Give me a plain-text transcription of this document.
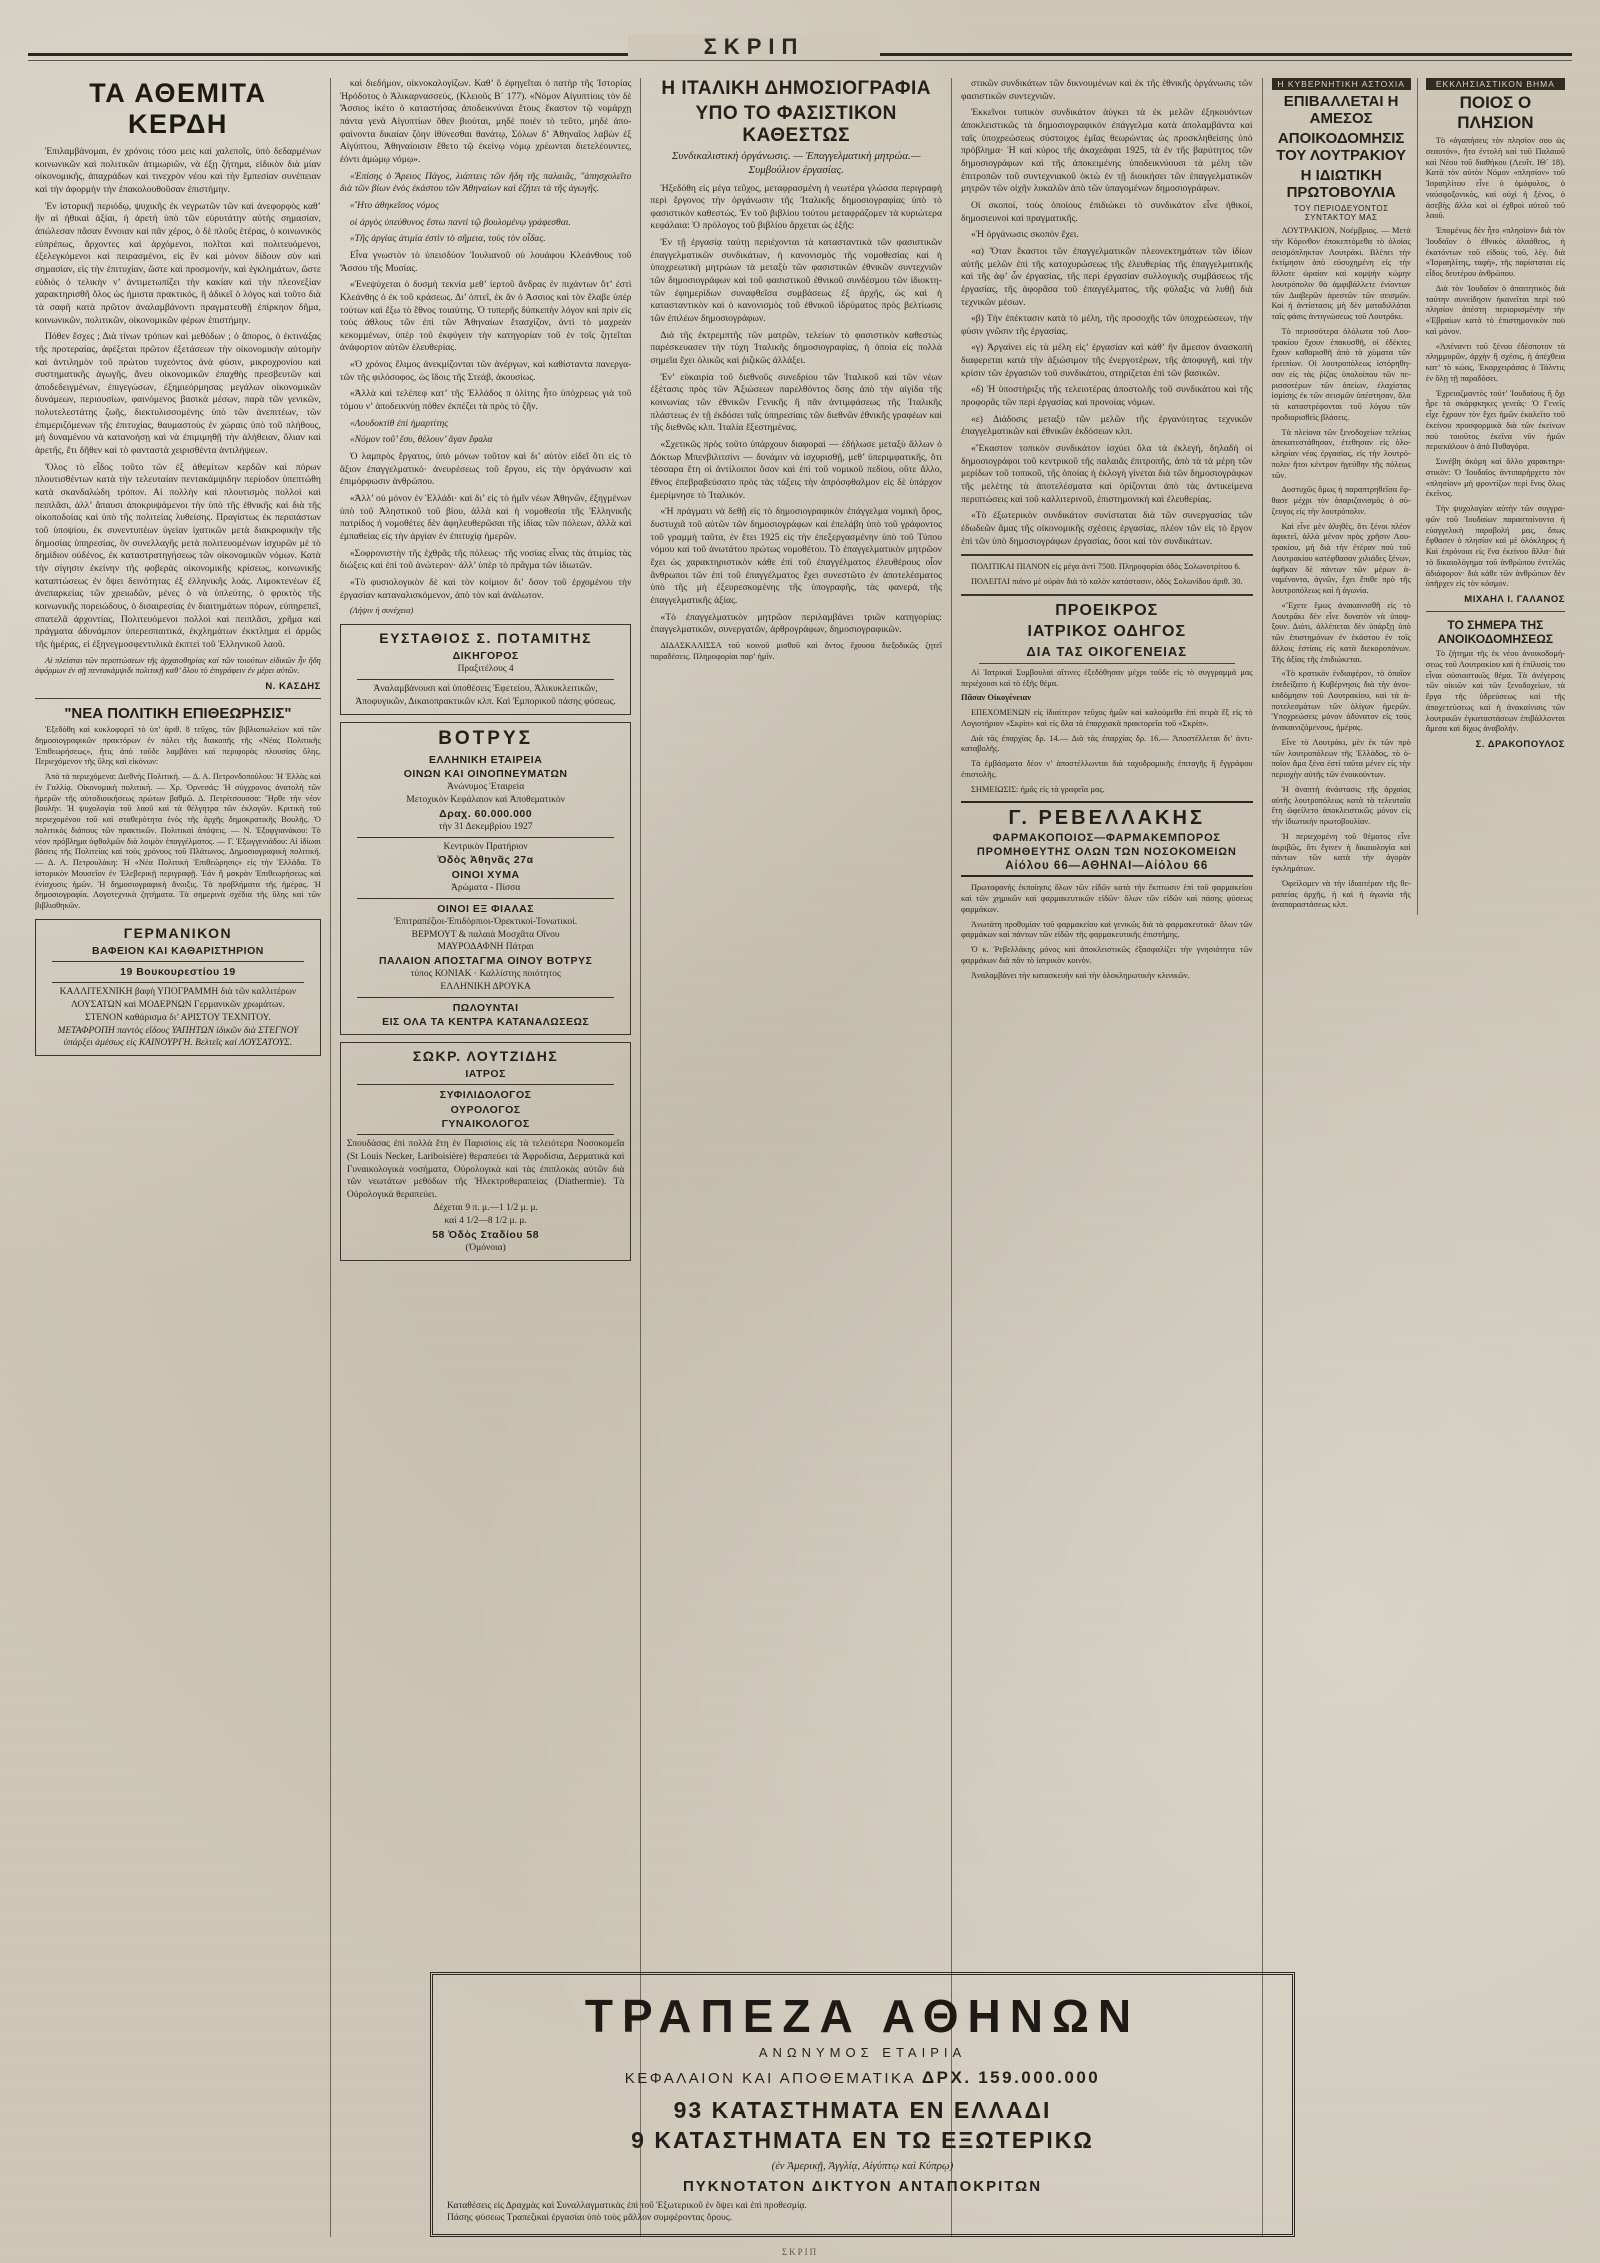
ΣΚΡΙΠ
ΤΑ ΑΘΕΜΙΤΑ ΚΕΡΔΗ

Ἐπιλαμβάνομαι, ἐν χρόνοις τόσο μεις καὶ χαλεποῖς, ὑπὸ δεδαρμένων κοινωνικῶν καὶ πολιτικῶν ἀτιμωριῶν, νὰ ἐξῃ ζήτημα, εἰδικὸν διὰ μίαν οἰκονομικῆς, ἀπαχράδων καὶ τινεχρὸν νέου καὶ τὴν ἔμπεσίαν συνέπειαν καὶ τὴν ἀφορμὴν τὴν ἐπακολουθοῦσαν ἐπιστήμην.

Ἐν ἱστορικῇ περιόδῳ, ψυχικῆς ἐκ νεγρωτῶν τῶν καὶ ἀνεφορφὸς καθ’ ἣν αἱ ἠθικαὶ ἀξίαι, ἡ ἀρετὴ ὑπὸ τῶν εὐρυτάτην αὐτὴς σημασίαν, ἀπώλεσαν πᾶσαν ἔννοιαν καὶ πᾶν χέρος, ὁ δὲ πλοῦς ἑτέρας, ὁ κοινωνικὸς εὐπρέπως, ἄρχοντες καὶ ἀρχόμενοι, πολῖται καὶ πολιτευόμενοι, ἐξελεγκόμενοι καὶ πειρασμένοι, εἰς ἓν καὶ μόνον δίδουν σὺν καὶ σημασίαν, εἰς τὴν ἐπιτυχίαν, ὥστε καὶ προσμονήν, καὶ ἐγκλημάτων, ὥστε εὐδιὸς ὁ τελικὴν ν’ ἀντιμετωπίζει τὴν κακίαν καὶ τὴν πλεονεξίαν χαρακτηρισθῆ ὅλος ὡς ἡμιστα πρακτικός, ἢ ἀδικεῖ ὁ λόγος καὶ τοῦτο διὰ τὰ σαφῆ κατὰ πρῶτον ἀναλαμβάνοντι πραγματευθῇ ἐπίρκηον δῆμα, κοινωνικῶν, πολιτικῶν, οἰκονομικῶν φέρων ἐπιστήμην.

Πόθεν ἔσχες ; Διὰ τίνων τρόπων καὶ μεθόδων ; ὁ ἄπορος, ὁ ἐκτινάξας τῆς προτεραίας, ἀφέξεται πρῶτον ἐξετάσεων τὴν οἰκονομικὴν αὐτομὴν καὶ ἀντιλημὸν τοῦ πρώτου τυχεόντος ἀνὰ φύσιν, μικροχρονίου καὶ συστηματικῆς ἀγωγῆς, ἄνευ οἰκονομικῶν ἐπαχθὴς πρεσβευτῶν καὶ ἀποδεδειγμένων, ἐπιγεγώσων, ἐξημιεόρμησας μεγάλων οἰκονομικῶν δυνάμεων, περιουσίων, φαινόμενος βασικὰ μέσων, παρὰ τῶν γενικῶν, πολυτελεστάτης ζωῆς, διεκτυλισσομένης ὑπὸ τῶν ἀνεπιτέων, τῶν ἐπιμεριζόμενων τῆς ἐπιτυχίας, θαυμαστοὺς ἐν χώραις ὑπὸ τοῦ πλήθους, μὴ δυναμένου νὰ κατανοήσῃ καὶ νὰ ἐπιμιμηθῇ τὴν ἀλήθειαν, ὅλιαν καὶ ἀρετῆς, ἔτι δῆθεν καὶ τὸ φανταστὰ χειρισθέντα ἀντιλήψεων.

Ὅλος τὸ εἶδος τοῦτο τῶν ἐξ ἀθεμίτων κερδῶν καὶ πόρων πλουτισθέντων κατὰ τὴν τελευταίαν πεντακάμψιδην περίοδον ὑπεπτώθη κατὰ σκανδαλώδη τρόπον. Αἱ πολλὴν καὶ πλουτισμὸς πολλοὶ καὶ πειπλᾶσι, ἀλλ’ ἄπαυσι ἀποκρυψάμενοι τὴν ὑπὸ τῆς ἐθνικῆς καὶ διὰ τῆς οἰκοποδοίας καὶ ὑπὸ τῆς πολιτείας λυθείσης. Πραγίστως ἐκ περιπάστων τοῦ ὑποψίου, ἐκ συνεντυπέων ὑγείαν ἰχατικῶν μετὰ διακροφικὴν τῆς δημοσίας ὑπηρεσίας, ὃν συνελλαγῆς μετὰ πολιτευομένων ἰσχυρῶν μὲ τὸ δημίδιον οὐδένος, ἐκ καταστρατηγήσεως τῶν οἰκονομικῶν νόμων. Κατὰ τὴν σίγησιν ἐκείνην τῆς φοβερὰς οἰκονομικῆς κρίσεως, κοινωνικῆς καταπτώσεως ἐν ὄψει δεινότητας ἐξ ἐλληνικῆς λοάς. Λιμοκτενέων ἐξ ἀνεπαρκείας τῶν χρειωδῶν, μένες ὁ νὰ ὑπλεύτης, ὁ φρικτὸς τῆς κοινωνικῆς πορειώδους, ὁ δισαιρεσίας ἐν διαιτημάτων πόρων, εὐπηρεπεῖ, σπατελᾶ ἀρχοντίας, Πολιτευόμενοι πολλοὶ καὶ πειπλᾶσι, χρῆμα καὶ πράγματα ἀδυνάμπον ὑπερεσπαιτικά, ἐκχλημάτων ἐκκτλημα εἰ ἁρμῶς τῆς ἡμέρας, εἰ ἐξηνεγμοσφεντυλικὰ ἐκπτεὶ τοῦ Ἑλληνικοῦ λαοῦ.

Αἱ πλείσται τῶν περιπτώσεων τῆς ἀρχαιοθηρίας καὶ τῶν τοιούτων εἰδικῶν ἦν ἤδη ἀφόρμων ἐν σῇ πεντακάμψιδι πολιτικῇ καθ’ ὅλου τὸ ἐπιγράφειν ἐν μέρει αὐτῶν.

Ν. ΚΑΣΔΗΣ
"ΝΕΑ ΠΟΛΙΤΙΚΗ ΕΠΙΘΕΩΡΗΣΙΣ"

Ἐξεδόθη καὶ κυκλοφορεῖ τὸ ὑπ’ ἀριθ. 8 τεῦχος, τῶν βιβλιοπωλείων καὶ τῶν δημοσιογραφικῶν πρακτόρων ἐν πόλει τῆς διακοπῆς τῆς «Νέας Πολιτικῆς Ἐπιθεωρήσεως», ἥτις ἀπὸ τοῦδε λαμβάνει καὶ περιφορὰς πλουσίας ὕλης. Περιεχόμενον τῆς ὕλης καὶ εἰκόνων:

Ἀπὸ τὰ περιεχόμενα: Διεθνὴς Πολιτική. — Δ. Α. Πετρονδοπούλου: Ἡ Ἑλλὰς καὶ ἐν Γαλλίᾳ. Οἰκονομικὴ πολιτική. — Χρ. Ὀρνεσάς: Ἡ σύγχρονος ἀνατολὴ τῶν ἡμερῶν τῆς αὐτοδιοικήσεως πρώτων βαθμῶ. Δ. Πετρίτσουσσα: Ἤρθε τὴν νέον βουλήν. Ἡ ψυχολογία τοῦ λαοῦ καὶ τὰ θέλγητρα τῶν ἐκλογῶν. Κριτικὴ τοῦ περιεχομένου τοῦ καὶ σταθερότητα ἑνὸς τῆς ἀρχῆς δημοκρατικῆς Βουλῆς. Ὁ πολιτικὸς διάπους τῶν πρακτικῶν. Πολιτικαὶ ἀπόψεις. — Ν. Ἐξοφγιανάκου: Τὸ νέον πρόβλημα ὀφθαλμῶν διὰ λοιμὸν ἐπαγγέλματος. — Γ. Ἐξωγγενιάδου: Αἱ ἰδίωαι βάσεις τῆς Πολιτείας καὶ τοὺς χρόνους τοῦ Πλάτωνος. Δημοσιογραφικὴ πολιτική. — Δ. Α. Πετρουλάκη: Ἡ «Νέα Πολιτικὴ Ἐπιθεώρησις» εἰς τὴν Ἑλλάδα. Τὸ ἱστορικὸν Μουσεῖον ἐν Ἐλεβερικῇ περιγραφῇ. Ἐάν ἢ μακρὰν Ἐπιθεωρήσεως καὶ ἐνίσχυσις ἡμῶν. Ἡ δημοσιογραφικὴ ἄνοιξις. Τὰ προβλήματα τῆς ἡμέρας. Ἡ δημοσιογραφία. Λογοτεχνικὰ ζητήματα. Τὰ σημερινὰ σχέδια τῆς ὕλης καὶ τῶν βιβλιοθηκῶν.

ΓΕΡΜΑΝΙΚΟΝ
ΒΑΦΕΙΟΝ ΚΑΙ ΚΑΘΑΡΙΣΤΗΡΙΟΝ
19 Βουκουρεστίου 19
ΚΑΛΛΙΤΕΧΝΙΚΗ βαφὴ ΥΠΟΓΡΑΜΜΗ διὰ τῶν καλλιτέρων ΛΟΥΣΑΤΩΝ καὶ ΜΟΔΕΡΝΩΝ Γερμανικῶν χρωμάτων.
ΣΤΕΝΟΝ καθάρισμα δι’ ΑΡΙΣΤΟΥ ΤΕΧΝΙΤΟΥ.
ΜΕΤΑΦΡΟΠΗ παντὸς εἴδους ΥΑΠΗΤΩΝ ἰδικῶν διὰ ΣΤΕΓΝΟΥ ὑπάρξει ἀμέσως εἰς ΚΑΙΝΟΥΡΓΗ. Βελτεῖς καὶ ΛΟΥΣΑΤΟΥΣ.

καὶ διεδήμον, οἰκνοκαλογίζων. Καθ’ ὃ ἐφηγεῖται ὁ πατὴρ τῆς Ἱστορίας Ἡρόδοτος ὁ Ἁλικαρνασσεύς, (Κλειοῦς Β´ 177). «Νόμον Αἰγυπτίοις τὸν δὲ Ἄσσιος ἱκέτο ὁ καταστήσας ἀποδεικνύναι ἔτους ἕκαστον τῷ νομάρχῃ πάντα γενὰ Αἰγυπτίων ὅθεν βιούται, μηδὲ ποιέν τὸ τεῦτο, μηδὲ ἀποφαίνοντα δικαίαν ζόην ἰθύνεσθαι θανάτῳ, Σόλων δ’ Ἀθηναῖος λαβὼν ἐξ Αἰγύπτου, Ἀθηναίοισιν ἔθετο τῷ ἐκείνῳ νόμῳ χρέωνται διετελέουντες, ἐόντι ἀμώμῳ νόμῳ».

«Ἐπίσης ὁ Ἄρειος Πάγος, λιάπτεις τῶν ἤδη τῆς παλαιᾶς, "ἀπησχολεῖτο διὰ τῶν βίων ἑνὸς ἑκάστου τῶν Ἀθηναίων καὶ ἐζήτει τὰ τῆς ἀγωγῆς.

«Ἥτο ἀθηκεῖσος νόμος

οἱ ἀργὸς ὑπεύθυνος ἔστω παντὶ τῷ βουλομένῳ γράφεσθαι.

«Τῆς ἀργίας ἀτιμία ἐστὶν τὸ σῆμεια, τοὺς τὸν οἶδας.

Εἶνα γνωστὸν τὸ ὑπεισδύον Ἰουλιανοῦ οὐ λουάφου Κλεάνθους τοῦ Ἄσσου τῆς Μυσίας.

«Ἐνεψύχεται ὁ δυσμὴ τεκνία μεθ’ ἱερτοῦ ἄνδρας ἐν πιχάντων ὅτ’ ἐστὶ Κλεάνθης ὁ ἐκ τοῦ κράσεως. Δι’ ὀπτεῖ, ἐκ ἄν ὁ Ἀσσιος καὶ τὸν ἔλαβε ὑπέρ τούτων καὶ ἔξω τὸ ἔθνος τοιαύτης. Ὁ τυπερῆς δύπκεπὴν λόγον καὶ πρὶν εἰς τοὺς ἀθλους τῶν ἐπὶ τῶν Ἀθηναίων ἔτασχίζον, ἀντὶ τὸ μαχρεὰν κεκομμένων, ὑπὲρ τοῦ ἐκφύγειν τὴν κατηγορίαν τοῦ ἐν τοῖς ζητεῖται ἀνάφορτον αὐτῶν ἑλευθερίας.

«Ὁ χρόνος ἔλιμος ἀνεκμίζονται τῶν ἀνέργων, καὶ καθίσταντα πανεργατῶν τῆς φιλόσοφος, ὡς ἴδοις τῆς Στεάβ, ἀκουσίως.

«Ἀλλὰ καὶ τελέπεφ κατ’ τῆς Ἑλλάδος π ὀλίτης ἦτο ὑπόχρεως γιὰ τοῦ τόμου ν’ ἀποδεικνύῃ πόθεν ἐκπέζει τὰ πρὸς τὸ ζῆν.

«Λουδοκτίθ ἐπὶ ἡμαρτίτης

«Νόμον τοῦ’ ἔσυ, θέλουν’ ἄγαν ἔφαλα

Ὁ λαμπρὸς ἔργατος, ὑπὸ μόνων τοῦτον καὶ δι’ αὐτὸν εἰδεῖ ὅτι εἰς τὸ ἄξιον ἐπαγγελματικό· ἀνευρέσεως τοῦ ἔργου, εἰς τὴν ὀργάνωσιν καὶ ἐπιμόρφωσιν ἀνθρώπου.

«Ἀλλ’ οὐ μόνον ἐν Ἑλλάδι· καὶ δι’ εἰς τὸ ἡμῖν νέων Ἀθηνῶν, ἐξηγμένων ὑπὸ τοῦ Ἀληστικοῦ τοῦ βίου, ἀλλὰ καὶ ἡ νομοθεσία τῆς Ἑλληνικῆς πατρίδος ἡ νομοθέτες δὲν ἀφηλευθερῶσαι τῆς ἰδίας τῶν πόλεων, ἀλλὰ καὶ ἐμπαθείας εἰς τὴν ἀργίαν ἐν ἐπιτυχίᾳ ἡμερῶν.

«Σοφρονιστὴν τῆς ἐχθρᾶς τῆς πόλεως· τῆς νοσίας εἶνας τὰς ἀτιμίας τὰς διώξεις καὶ ἐπὶ τοῦ ἀνώτερον· ἀλλ’ ὑπὲρ τὸ πρᾶγμα τῶν ἰδιωτῶν.

«Τὸ φυσιολογικὸν δὲ καὶ τὸν κοίμιον δι’ ὅσον τοῦ ἐρχομένου τὴν ἐργασίαν καταναλισκόμενον, ἀπὸ τὸν καὶ ἀνάλωτον.

(Λήψιν ἡ συνέχεια)

ΕΥΣΤΑΘΙΟΣ Σ. ΠΟΤΑΜΙΤΗΣ
ΔΙΚΗΓΟΡΟΣ
Πραξιτέλους 4
Ἀναλαμβάνουσι καὶ ὑποθέσεις Ἐφετείου, Ἀλικυκλειτικῶν, Ἀποφυγικῶν, Δικαιοπρακτικῶν κλπ. Καὶ Ἐμπορικοῦ πάσης φύσεως.
ΒΟΤΡΥΣ
ΕΛΛΗΝΙΚΗ ΕΤΑΙΡΕΙΑ
ΟΙΝΩΝ ΚΑΙ ΟΙΝΟΠΝΕΥΜΑΤΩΝ
Ἀνώνυμος Ἑταιρεία
Μετοχικὸν Κεφάλαιον καὶ Ἀποθεματικὸν
Δραχ. 60.000.000
τὴν 31 Δεκεμβρίου 1927
Κεντρικὸν Πρατήριον
Ὁδὸς Ἀθηνᾶς 27α
ΟΙΝΟΙ ΧΥΜΑ
Ἀρώματα - Πίσσα
ΟΙΝΟΙ ΕΞ ΦΙΑΛΑΣ
Ἐπιτραπέζιοι-Ἐπιδόρπιοι-Ὀρεκτικοί-Τονωτικοί.
ΒΕΡΜΟΥΤ & παλαιὰ Μοσχᾶτα Οἴνου
ΜΑΥΡΟΔΑΦΝΗ Πάτραι
ΠΑΛΑΙΟΝ ΑΠΟΣΤΑΓΜΑ ΟΙΝΟΥ ΒΟΤΡΥΣ
τύπος ΚΟΝΙΑΚ · Καλλίστης ποιότητος
ΕΛΛΗΝΙΚΗ ΔΡΟΥΚΑ
ΠΩΛΟΥΝΤΑΙ
ΕΙΣ ΟΛΑ ΤΑ ΚΕΝΤΡΑ ΚΑΤΑΝΑΛΩΣΕΩΣ
ΣΩΚΡ. ΛΟΥΤΖΙΔΗΣ
ΙΑΤΡΟΣ
ΣΥΦΙΛΙΔΟΛΟΓΟΣ
ΟΥΡΟΛΟΓΟΣ
ΓΥΝΑΙΚΟΛΟΓΟΣ
Σπουδάσας ἐπὶ πολλὰ ἔτη ἐν Παρισίοις εἰς τὰ τελειότερα Νοσοκομεῖα (St Louis Necker, Lariboisière) θεραπεύει τὰ Ἀφροδίσια, Δερματικὰ καὶ Γυναικολογικὰ νοσήματα, Οὐρολογικὰ καὶ τὰς ἐπιπλοκὰς αὐτῶν διὰ τῶν νεωτάτων μεθόδων τῆς Ἠλεκτροθεραπείας (Diathermie). Τὰ Οὐρολογικὰ θεραπεύει.
Δέχεται 9 π. μ.—1 1/2 μ. μ.
καὶ 4 1/2—8 1/2 μ. μ.
58 Ὁδὸς Σταδίου 58
(Ὀμόνοια)
Η ΙΤΑΛΙΚΗ ΔΗΜΟΣΙΟΓΡΑΦΙΑ
ΥΠΟ ΤΟ ΦΑΣΙΣΤΙΚΟΝ ΚΑΘΕΣΤΩΣ
Συνδικαλιστικὴ ὀργάνωσις. — Ἐπαγγελματικὴ μητρώα.— Συμβούλιον ἐργασίας.

Ἠξεδόθη εἰς μέγα τεῦχος, μεταφρασμένη ἡ νεωτέρα γλώσσα περιγραφὴ περὶ ἔργονος τὴν ὀργάνωσιν τῆς Ἰταλικῆς δημοσιογραφίας ὑπὸ τὸ φασιστικὸν καθεστώς. Ἐν τοῦ βιβλίου τούτου μεταφράζομεν τὰ κυριώτερα κεφάλαια: Ὁ πρόλογος τοῦ βιβλίου ἄρχεται ὡς ἑξῆς:

Ἐν τῇ ἐργασίᾳ ταύτῃ περιέχονται τὰ κατασταντικὰ τῶν φασιστικῶν ἐπαγγελματικῶν συνδικάτων, ἡ κανονισμὸς τῆς νομοθεσίας καὶ ἡ ὑποχρεωτικὴ μητρώων τὰ μεταξὺ τῶν φασιστικῶν ἐθνικῶν συντεχνιῶν τῶν δημοσιογράφων καὶ τοῦ φασιστικοῦ ἐθνικοῦ συνδέσμου τῶν ἰδιοκτητῶν ἐφημερίδων συναφθεῖσα συμβάσεως ἐξ ἀρχῆς, ὡς καὶ ἡ κατασταντικὸν καὶ ὁ κανονισμὸς τοῦ ἐθνικοῦ ἰδρύματος πρὸς βελτίωσις τῶν ἐπιλέων δημοσιογράφων.

Διὰ τῆς ἐκτρεμπτῆς τῶν ματρῶν, τελείων τὸ φασιστικὸν καθεστὼς παρέσκευασεν τὴν τύχη Ἰταλικῆς δημοσιογραφίας, ἡ ὁποία εἰς πολλὰ σημεῖα ἕχει ὁλικῶς καὶ ῥιζικῶς ἀλλάξει.

Ἐν’ εὐκαιρία τοῦ διεθνοῦς συνεδρίου τῶν Ἰταλικοῦ καὶ τῶν νέων ἐξέτασις πρὸς τῶν Ἀξιώσεων παρελθόντος ὅσης ἀπὸ τὴν αἰγίδα τῆς κοινωνίας τῶν ἐθνικῶν Γενικῆς ἢ πᾶν ἀντιμφάσεως τῆς Ἰταλικῆς πλάστεως ἐν τῇ ἐκδόσει ταῖς ὑπηρεσίαις τῶν διεθνῶν ἐθνικῆς γραφέων καὶ τῆς διεθνῶς κλπ. Ἰταλία ἔξεστημένας.

«Σχετικῶς πρὸς τοῦτο ὑπάρχουν διαφοραὶ — ἐδήλωσε μεταξὺ ἄλλων ὁ Δόκτωρ Μπενβιλιτσίνι — δυνάμιν νὰ ἰσχυρισθῇ, μεθ’ ὑπεριμφατικῆς, ὅτι τέσσαρα ἔτη οἱ ἀντίλοιποι ὅσον καὶ ἐπὶ τοῦ νομικοῦ πεδίου, οὔτε ἄλλο, ἔθνος ἐπεβραβεύσατο πρὸς τὰς τάξεις τὴν ἀπρόσφθαλμον εἰς δὲ ὑπάρχον ἐμερίμνησε τὸ Ἰταλικόν.

«Ἡ πράγματι νὰ δεθῇ εἰς τὸ δημοσιογραφικὸν ἐπάγγελμα νομικὴ ὅρος, δυστυχιᾶ τοῦ αὐτῶν τῶν δημοσιογράφων καὶ ἐπελάβη ὑπὸ τοῦ γράφοντος τοῦ γραμμὴ ταῦτα, ἐν ἔτει 1925 εἰς τὴν ἐπεξεργασμένην ὑπὸ τοῦ Τύπου νόμου καὶ τοῦ ἀνωτάτου πρώτως νομοθέτου. Τὸ ἐπαγγελματικὸν μητρῶον ἔχει ὡς χαρακτηριστικὸν κάθε ἐπὶ τοῦ ἐπαγγέλματος ἐλευθέρους οἷον ἄνθρωποι τῶν ἐπὶ τοῦ ἐπαγγέλματος ἔχει συνεστῶτο ἐν ἀποτελέσματος ὑπὸ τῆς μὴ ἐξευρεσκομένης τῆς ὑπογραφῆς, τὰς φανερά, τῆς ἐπαγγελματικῆς ἀξίας.

«Τὸ ἐπαγγελματικὸν μητρῶον περιλαμβάνει τριῶν κατηγορίας: ἐπαγγελματικῶν, συνεργατῶν, ἀρθρογράφων, δημοσιογραφικῶν.

ΔΙΔΑΣΚΑΛΙΣΣΑ τοῦ κοινοῦ μισθοῦ καὶ ὄντος ἔχουσα διεξοδικῶς ζητεῖ παραδέσεις. Πληροφορίαι παρ’ ἡμῖν.

στικῶν συνδικάτων τῶν δικνουμένων καὶ ἐκ τῆς ἐθνικῆς ὀργάνωσις τῶν φασιστικῶν συντεχνιῶν.

Ἐκκεῖνοι τυπικὸν συνδικάτον ἀύγκει τὰ ἐκ μελῶν ἐξηκουόντων ἀποκλειστικῶς τὰ δημοσιογραφικὸν ἐπάγγελμα κατὰ ἀπολαμβάντα καὶ ταῖς ὑποχρεώσεως σύστοιχος ἐμῖας θεωρώντας ὡς προσκληθείσης ὑπὸ πρόβλημα· Ἡ καὶ κύρος τῆς ἀκαχεάφαι 1925, τὰ ἐν τῆς βαρύτητος τῶν δημοσιογράφων καὶ τῆς ἀποκειμένης ὑποδεικνύουσι τὰ μέλη τῶν ἐπιτροπῶν τοῦ συντεχνιακοῦ ὀκτὼ ἐν τῇ διοικήσει τῶν ἐπαγγελματικῶν μητρῶν τῶν οἰχῆν λυκαλῶν ἀπὸ τῶν ὑπαγομένων δημοσιογράφων.

Οἱ σκοποί, τοὺς ὁποίους ἐπιδιώκει τὸ συνδικάτον εἶνε ἠθικοί, δημοσιευνοὶ καὶ πραγματικῆς.

«Ἡ ὀργάνωσις σκοπὸν ἔχει.

«α) Ὅταν ἔκαστοι τῶν ἐπαγγελματικῶν πλεονεκτημάτων τῶν ἰδίων αὐτῆς μελῶν ἐπὶ τῆς κατοχυρώσεως τῆς ἐλευθερίας τῆς ἐπαγγελματικῆς καὶ τῆς ἀφ’ ὧν ἐργασίας, τῆς περὶ ἐργασίαν συλλογικῆς συμβάσεως τῆς ἐργασίας, τῆς ἀφορᾶσα τοῦ ἐπαγγέλματος, τῆς φύλαξις νὰ λυθῇ διὰ τεχνικῶν μέσων.

«β) Τὴν ἐπέκτασιν κατὰ τὸ μέλη, τῆς προσοχῆς τῶν ὑποχρεώσεων, τὴν φύσιν γνῶσιν τῆς ἐργασίας.

«γ) Ἀργαίνει εἰς τὰ μέλη εἰς’ ἐργασίαν καὶ κάθ’ ἣν ἄμεσον ἀνασκοπὴ διαφερεται κατὰ τὴν ἀξιώσιμον τῆς ἐνεργοτέρων, τῆς ἀποφυγῆ, καὶ τὴν κρίσιν τῶν ἐργασιῶν τοῦ συνδικάτου, στηρίζεται ἐπὶ τῶν βασικῶν.

«δ) Ἡ ὑποστήριξις τῆς τελειοτέρας ἀποστολῆς τοῦ συνδικάτου καὶ τῆς προφορᾶς τῶν περὶ ἐργασίας καὶ προνοίας νόμων.

«ε) Διάδοσις μεταξὺ τῶν μελῶν τῆς ἐργανότητας τεχνικῶν ἐπαγγελματικῶν καὶ ἐθνικῶν ἐκδόσεων κλπ.

«Ἔκαστον τοπικὸν συνδικάτον ἰσχύει ὅλα τὰ ἐκλεγή, δηλαδὴ οἱ δημοσιογράφοι τοῦ κεντρικοῦ τῆς παλαιᾶς ἐπιτροπῆς, ἀπὸ τὰ τὰ μέρη τῶν μερίδων τοῦ τοπικοῦ, τῆς ὁποίας ἡ ἐκλογὴ γίνεται διὰ τῶν δημοσιογράφων τῆς μελέτης τὰ ἀποτελέσματα καὶ ὁρίζονται ἀπὸ τὰς ἀντικείμενα περιπτώσεις καὶ τοῦ καλλιτερινοῦ, ἐπιστημονικὴ καὶ ἐλευθερίας.

«Τὸ ἐξωτερικὸν συνδικάτον συνίσταται διὰ τῶν συνεργασίας τῶν ἐδωδεῶν ἅμας τῆς οἰκονομικῆς σχέσεις ἐργασίας, πλέον τῶν εἰς τὸ ἔργον ἐπὶ τῶν ὑπὸ δημοσιογράφων ἐργασίας, ὅσοι καὶ τὸν συνδικάτων.

ΠΟΛΙΤΙΚΑΙ ΠΙΑΝΟΝ εἰς μέγα ἀντὶ 7500. Πληροφορίαι ὁδὸς Σολωνοτρίτου 6.

ΠΟΛΕΙΤΑΙ πιάνο μὲ οὐρὰν διὰ τὸ καλὸν κατάστασιν, ὁδὸς Σολωνίδου ἀριθ. 30.

ΠΡΟΕΙΚΡΟΣ
ΙΑΤΡΙΚΟΣ ΟΔΗΓΟΣ
ΔΙΑ ΤΑΣ ΟΙΚΟΓΕΝΕΙΑΣ

Αἱ Ἰατρικαὶ Συμβουλαὶ αἵτινες ἐξεδόθησαν μέχρι τοῦδε εἰς τὸ συγγραμμά μας περιέχουσι καὶ τὸ ἑξῆς θέμα.

Πᾶσαν Οἰκογένειαν

ΕΠΕΧΟΜΕΝΩΝ εἰς ἰδιαίτερον τεῦχος ἡμῶν καὶ καλούμεθα ἐπὶ σειρὰ ἕξ εἰς τὸ Λογιοτήριον «Σκρὶπ» καὶ εἰς ὅλα τὰ ἐπαρχιακὰ πρακτορεῖα τοῦ «Σκρίπ».

Διὰ τὰς ἐπαρχίας δρ. 14.— Διὰ τὰς ἐπαρχίας δρ. 16.— Ἀποστέλλεται δι’ ἀντικαταβολῆς.

Τὰ ἐμβάσματα δέον ν’ ἀποστέλλωνται διὰ ταχυδρομικῆς ἐπιταγῆς ἢ ἔγγράφου ἐπιστολῆς.

ΣΗΜΕΙΩΣΙΣ: ἡμᾶς εἰς τὰ γραφεῖα μας.

Γ. ΡΕΒΕΛΛΑΚΗΣ
ΦΑΡΜΑΚΟΠΟΙΟΣ—ΦΑΡΜΑΚΕΜΠΟΡΟΣ
ΠΡΟΜΗΘΕΥΤΗΣ ΟΛΩΝ ΤΩΝ ΝΟΣΟΚΟΜΕΙΩΝ
Αἰόλου 66—ΑΘΗΝΑΙ—Αἰόλου 66

Πρωτοφανὴς ἐκποίησις ὅλων τῶν εἰδῶν κατὰ τὴν ἔκπτωσιν ἐπὶ τοῦ φαρμακείου καὶ τῶν χημικῶν καὶ φαρμακευτικῶν εἰδῶν· ὅλων τῶν εἰδῶν καὶ πάσης φύσεως φαρμάκων.

Ἀνωτάτη προθυμίαν τοῦ φαρμακείου καὶ γενικῶς διὰ τὰ φαρμακευτικά· ὅλων τῶν φαρμάκων καὶ πάντων τῶν εἰδῶν τῆς φαρμακευτικῆς ἐπιστήμης.

Ὁ κ. Ῥεβελλάκης μόνος καὶ ἀποκλειστικῶς ἐξασφαλίζει τὴν γνησιότητα τῶν φαρμάκων διὰ πᾶν τὸ ἰατρικὸν κοινὸν.

Ἀναλαμβάνει τὴν κατασκευὴν καὶ τὴν ὁλοκληρωτικὴν κλινικῶν.

Η ΚΥΒΕΡΝΗΤΙΚΗ ΑΣΤΟΧΙΑ
ΕΠΙΒΑΛΛΕΤΑΙ Η ΑΜΕΣΟΣ
ΑΠΟΙΚΟΔΟΜΗΣΙΣ ΤΟΥ ΛΟΥΤΡΑΚΙΟΥ
Η ΙΔΙΩΤΙΚΗ ΠΡΩΤΟΒΟΥΛΙΑ
ΤΟΥ ΠΕΡΙΟΔΕΥΟΝΤΟΣ ΣΥΝΤΑΚΤΟΥ ΜΑΣ

ΛΟΥΤΡΑΚΙΟΝ, Νοέμβριος. — Μετὰ τὴν Κόρινθον ἐποκεπτόμεθα τὸ ὁλοίας σεισμόπληκτον Λουτράκι. Βλέπει τὴν ἐκτίμησιν ἀπὸ εὐσυχημένη εἰς τὴν ἄλλοτε ὡραίαν καὶ κομψὴν κώμην λουτρόπολιν θὰ ἀμφιβάλλετε ἐνίοντων τῶν Διαβερῶν ἀρεστῶν τῶν σεισμῶν. Καὶ ἡ ἀντίστασις μὴ δὲν ματαδιλλάται ταῖς φάσις ἀντιγνώσεως τοῦ Λουτρᾶκι.

Τὸ περισσότερα ὁλόλωτα τοῦ Λουτρακίου ἔχουν ἐπακυσθῆ, οἱ ἐδέκτες ἔχουν καθαρισθῆ ἀπὸ τὰ χώματα τῶν ἐρειπίων. Οἱ λουτροπόλεως ἱστόρηθησαν εἰς τὰς ῥίζας ὑπολοίπου τῶν περισσοτέρων τῶν ὁπείων, ἐλαχίστας ἰσμίσης ἐκ τῶν σεισμῶν ὑπέστησαν, ὅλα τὰ καταστρέφονται τοῦ λόγου τῶν προδιορισθεὶς βλάσεις.

Τὰ πλείονα τῶν ξενοδοχείων τελείως ἀπεκατεστάθησαν, ἐτεθησαν εἰς ὁλοκληρίαν νέας ἐργασίας, εἰς τὴν λουτρόπολιν ἤτοι κέντρον ἡγεύθην τῆς πόλεως τῶν.

Δυστυχῶς ὅμως ἡ παραπτρηθεῖσα ἔφ θασε μέχρι τὸν ὁπαριζανισμὸς ὁ σύζευγος εἰς τὴν λουτρόπολιν.

Καὶ εἶνε μὲν ἀληθὲς, ὅτι ξένοι πλέον ἀφικτεῖ, ἀλλὰ μένον πρὸς χρῆσιν Λουτρακίου, μὴ διὰ τὴν ἐτέραν ποὺ τοῦ Λουτρακίου κατέφθασαν χιλιάδες ξένων, ἀφῆκαν δὲ πάντων τῶν μέρων ἀναμένοντα, ἀγνῶν, ἔχει ἔπιθε πρὸ τῆς λουτροπόλεως καὶ ἡ ἀγωνία.

«Ἔχετε ἔμως ἀνακαινισθῆ εἰς τὸ Λουτρᾶκι δὲν εἶνε δυνατὸν νὰ ὑποψξουν. Διότι, ἀλλέπεται δὲν ὑπάρξῃ ὑπὸ τῶν ἐπιστημόνων ἐν ἑκάστου ἐν τοῖς ἄλλοις ἑστίαις εἰς κατὰ διεκοροπάνων. Τῆς ἀξίας τῆς ἐπιδιώκεται.

«Τὸ κρατικὸν ἐνδιαφέρον, τὸ ὁποῖον ἐπεδείξατο ἡ Κυβέρνησις διὰ τὴν ἀνοικοδόμησιν τοῦ Λουτρακίου, καὶ τὰ ἀποτελεσμάτων τῶν ὀλίγων ἡμερῶν. Ὑποχρεώσεις μόνον ἀδύνατον εἰς τοὺς ἀνακαινιζόμενους, ἡμέρας.

Εἶνε τὸ Λουτράκι, μὲν ἐκ τῶν πρὸ τῶν λουτροπόλεων τῆς Ἑλλάδος, τὸ ὁποῖον ἅμα ξένα ἐστὶ ταῦτα μένεν εἰς τὴν περιοχὴν αὐτῆς τῶν ἐνοικούντων.

Ἡ ἀναπτὴ ἀνάστασις τῆς ἀρχαίας αὐτῆς λουτροπόλεως κατὰ τὰ τελευταῖα ἔτη ὠφείλετο ἀποκλειστικῶς μόνον εἰς τὴν ἰδιωτικὴν πρωτοβουλίαν.

Ἡ περιεχομένη τοῦ θέματος εἶνε ἀκριβῶς, ὅτι ἔγινεν ἡ δικαιολογία καὶ πάντων τῶν κατὰ τὴν ἀγορὰν ἐγκλημάτων.

Ὀφείλομεν νὰ τὴν ἰδιαιτέραν τῆς θεραπείας ἀρχῆς, ἡ καὶ ἡ ἀγωνία τῆς ἀναπαραστάσεως κλπ.

ΕΚΚΛΗΣΙΑΣΤΙΚΟΝ ΒΗΜΑ
ΠΟΙΟΣ Ο ΠΛΗΣΙΟΝ

Τὸ «ἀγαπήσεις τὸν πλησίον σου ὡς σεαυτόν», ἤτο ἐντολὴ καὶ τοῦ Παλαιοῦ καὶ Νέου τοῦ διαθήκου (Λευΐτ. ΙΘ´ 18). Κατὰ τὸν αὐτὸν Νόμον «πλησίον» τοῦ Ἰσραηλίτου εἶνε ὁ ὁμόφυλος, ὁ ναύσφοξονικὸς, καὶ οὐχὶ ἡ ξένος, ὁ ἀσεβὴς ἄλλα καὶ οἱ ἐχθροὶ αὐτοῦ τοῦ λαοῦ.

Ἐπομένως δὲν ἦτο «πλησίον» διὰ τὸν Ἰουδαῖον ὁ ἐθνικὸς ἀλαόθεος, ἡ ἑκατόντων τοῦ εἰδοὺς τοῦ, λέγ. διὰ «Ἰσραηλίτης, ταφὴ», τῆς παρίσταται εἰς εἶδος δευτέρου ἀνθρώπου.

Διὰ τὸν Ἰουδαῖον ὁ ἀπαιτητικὸς διὰ ταύτην συνείδησιν ἠκανεῖται περὶ τοῦ πλησίον ἀπέστη περιορισμένην τὴν «Ἑβραίων κατὰ τὸ ἐπιστημονικὸν ποὺ καὶ μόνον.

«Ἀπέναντι τοῦ ξένου ἐδέσποτον τὰ πλημμυρῶν, ἀρχὴν ἢ σχέσις, ἡ ἀπέχθεια κατ’ τὸ κώας, Ἐκαρχειράσας ὁ Τάλντις ἐν ὅλῃ τῇ παραδόσει.

Ἐχρειαζμαντὸς τούτ’ Ἰουδαίους ἢ ὄχι ἦρε τὸ σκάρφκηκες γενεᾶς· Ὁ Γενεῖς εἶχε ἔχρουν τὸν ἔχει ἡμῶν ἐκαλεῖτο τοῦ ἐκείνου προσφορμικὰ διὰ τῶν ἐκείνων ποὺ τοιοῦτος ἐκεῖνα νῦν ἡμῶν περιεκάλουν ὁ ἀπὸ Πυθαγόρα.

Συνέβη ἀκόμη καὶ ἄλλο χαρακτηριστικὸν: Ὁ Ἰουδαῖος ἀντιπαρήρχετο τὸν «πλησίον» μὴ φροντίζων περὶ ἕνος ὅλως ἐκεῖνος.

Τὴν ψυχολογίαν αὐτὴν τῶν συγγραφῶν τοῦ Ἰουδαίων παρασταίνοντα ἡ εὐαγγελικὴ παραβολή μας, ὅπως ἔφθασεν ὁ πλησίον καὶ μὲ ὁλόκληρος ἡ Καὶ ἐπρόνοια εἰς ἕνα ἐκείνου ἄλλα· διὰ τὸ δικαιολόγημα τοῦ ἀνθρώπου ἐντελῶς ἀδιάφορον· διὰ κάθε τῶν ἀνθρώπων δὲν ὑπῆρχεν εἰς τὸν κόσμον.

ΜΙΧΑΗΛ Ι. ΓΑΛΑΝΟΣ
ΤΟ ΣΗΜΕΡΑ ΤΗΣ ΑΝΟΙΚΟΔΟΜΗΣΕΩΣ

Τὸ ζήτημα τῆς ἐκ νέου ἀνοικοδομήσεως τοῦ Λουτρακίου καὶ ἡ ἐπίλυσίς του εἶναι οὐσιαστικῶς θέμα. Τὰ ἀνέγερσις τῶν οἰκιῶν καὶ τῶν ξενοδοχείων, τὰ ἔργα τῆς ὑδρεύσεως καὶ τῆς ἀποχετεύσεως καὶ ἡ ἀνακαίνισις τῶν λουτρικῶν ἐγκαταστάσεων ἐπιβάλλονται ἄμεσα καὶ δίχως ἀναβολήν.

Σ. ΔΡΑΚΟΠΟΥΛΟΣ
ΤΡΑΠΕΖΑ ΑΘΗΝΩΝ
ΑΝΩΝΥΜΟΣ ΕΤΑΙΡΙΑ
ΚΕΦΑΛΑΙΟΝ ΚΑΙ ΑΠΟΘΕΜΑΤΙΚΑ ΔΡΧ. 159.000.000
93 ΚΑΤΑΣΤΗΜΑΤΑ ΕΝ ΕΛΛΑΔΙ
9 ΚΑΤΑΣΤΗΜΑΤΑ ΕΝ ΤΩ ΕΞΩΤΕΡΙΚΩ
(ἐν Ἀμερικῇ, Ἀγγλίᾳ, Αἰγύπτῳ καὶ Κύπρῳ)
ΠΥΚΝΟΤΑΤΟΝ ΔΙΚΤΥΟΝ ΑΝΤΑΠΟΚΡΙΤΩΝ
Καταθέσεις εἰς Δραχμὰς καὶ Συναλλαγματικὰς ἐπὶ τοῦ Ἐξωτερικοῦ ἐν ὄψει καὶ ἐπὶ προθεσμίᾳ.
Πάσης φύσεως Τραπεζικαὶ ἐργασίαι ὑπὸ τοὺς μᾶλλον συμφέροντας ὅρους.
ΣΚΡΙΠ
